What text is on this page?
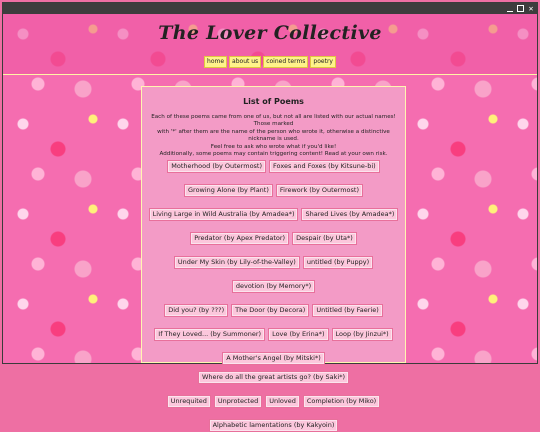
✕
The Lover Collective
home	about us	coined terms	poetry
List of Poems

Each of these poems came from one of us, but not all are listed with our actual names! Those marked

with '*' after them are the name of the person who wrote it, otherwise a distinctive nickname is used.

Feel free to ask who wrote what if you'd like!

Additionally, some poems may contain triggering content! Read at your own risk.

Motherhood (by Outermost)	Foxes and Foxes (by Kitsune-bi)
Growing Alone (by Plant)	Firework (by Outermost)
Living Large in Wild Australia (by Amadea*)	Shared Lives (by Amadea*)
Predator (by Apex Predator)	Despair (by Uta*)
Under My Skin (by Lily-of-the-Valley)	untitled (by Puppy)
devotion (by Memory*)
Did you? (by ???)	The Door (by Decora)	Untitled (by Faerie)
If They Loved... (by Summoner)	Love (by Erina*)	Loop (by Jinzui*)
A Mother's Angel (by Mitski*)
Where do all the great artists go? (by Saki*)
Unrequited	Unprotected	Unloved	Completion (by Miko)
Alphabetic lamentations (by Kakyoin)
